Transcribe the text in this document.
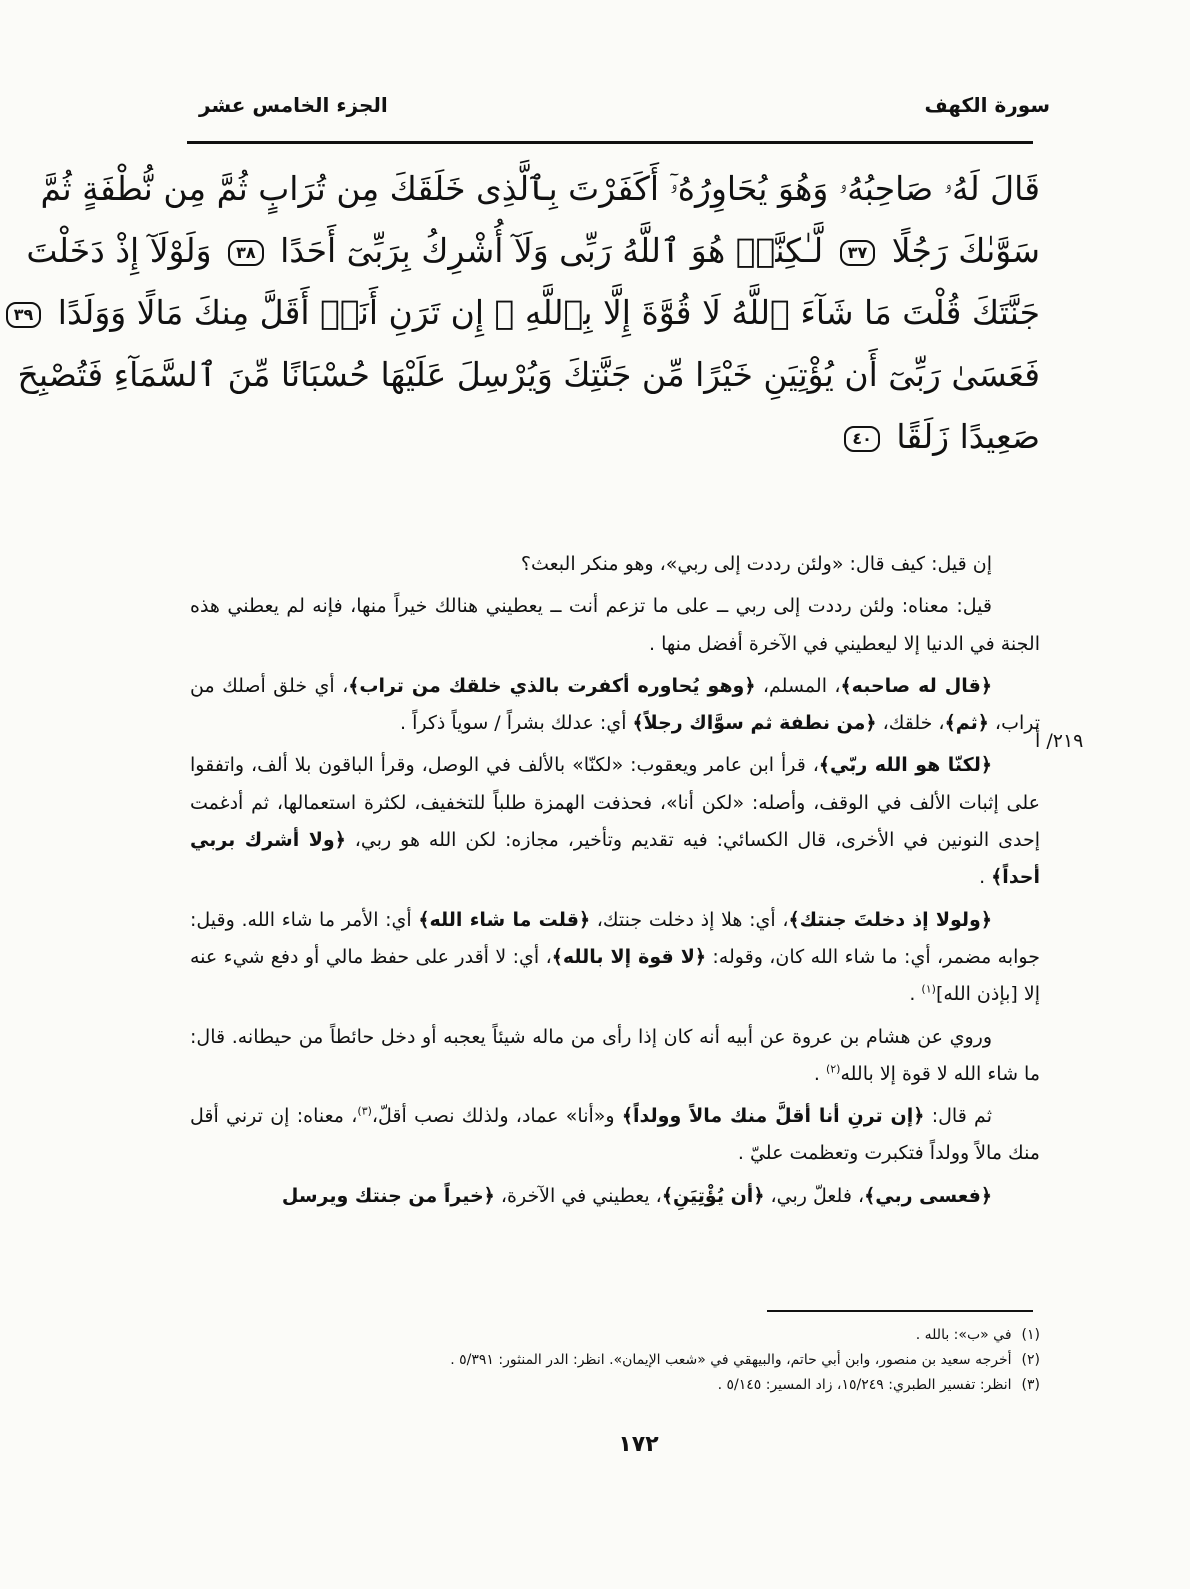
سورة الكهف
الجزء الخامس عشر
قَالَ لَهُۥ صَاحِبُهُۥ وَهُوَ يُحَاوِرُهُۥٓ أَكَفَرْتَ بِٱلَّذِى خَلَقَكَ مِن تُرَابٍ ثُمَّ مِن نُّطْفَةٍ ثُمَّ
سَوَّىٰكَ رَجُلًا ٣٧ لَّـٰكِنَّا۠ هُوَ ٱللَّهُ رَبِّى وَلَآ أُشْرِكُ بِرَبِّىٓ أَحَدًا ٣٨ وَلَوْلَآ إِذْ دَخَلْتَ
جَنَّتَكَ قُلْتَ مَا شَآءَ ٱللَّهُ لَا قُوَّةَ إِلَّا بِٱللَّهِ ۚ إِن تَرَنِ أَنَا۠ أَقَلَّ مِنكَ مَالًا وَوَلَدًا ٣٩
فَعَسَىٰ رَبِّىٓ أَن يُؤْتِيَنِ خَيْرًا مِّن جَنَّتِكَ وَيُرْسِلَ عَلَيْهَا حُسْبَانًا مِّنَ ٱلسَّمَآءِ فَتُصْبِحَ
صَعِيدًا زَلَقًا ٤٠

إن قيل: كيف قال: «ولئن رددت إلى ربي»، وهو منكر البعث؟

قيل: معناه: ولئن رددت إلى ربي ــ على ما تزعم أنت ــ يعطيني هنالك خيراً منها، فإنه لم يعطني هذه الجنة في الدنيا إلا ليعطيني في الآخرة أفضل منها .

﴿قال له صاحبه﴾، المسلم، ﴿وهو يُحاوره أكفرت بالذي خلقك من تراب﴾، أي خلق أصلك من تراب، ﴿ثم﴾، خلقك، ﴿من نطفة ثم سوَّاك رجلاً﴾ أي: عدلك بشراً / سوياً ذكراً .

﴿لكنّا هو الله ربّي﴾، قرأ ابن عامر ويعقوب: «لكنّا» بالألف في الوصل، وقرأ الباقون بلا ألف، واتفقوا على إثبات الألف في الوقف، وأصله: «لكن أنا»، فحذفت الهمزة طلباً للتخفيف، لكثرة استعمالها، ثم أدغمت إحدى النونين في الأخرى، قال الكسائي: فيه تقديم وتأخير، مجازه: لكن الله هو ربي، ﴿ولا أشرك بربي أحداً﴾ .

﴿ولولا إذ دخلتَ جنتك﴾، أي: هلا إذ دخلت جنتك، ﴿قلت ما شاء الله﴾ أي: الأمر ما شاء الله. وقيل: جوابه مضمر، أي: ما شاء الله كان، وقوله: ﴿لا قوة إلا بالله﴾، أي: لا أقدر على حفظ مالي أو دفع شيء عنه إلا [بإذن الله]$^{(١)}$ .

وروي عن هشام بن عروة عن أبيه أنه كان إذا رأى من ماله شيئاً يعجبه أو دخل حائطاً من حيطانه. قال: ما شاء الله لا قوة إلا بالله$^{(٢)}$ .

ثم قال: ﴿إن ترنِ أنا أقلَّ منك مالاً وولداً﴾ و«أنا» عماد، ولذلك نصب أقلّ،$^{(٣)}$، معناه: إن ترني أقل منك مالاً وولداً فتكبرت وتعظمت عليّ .

﴿فعسى ربي﴾، فلعلّ ربي، ﴿أن يُؤْتِيَنِ﴾، يعطيني في الآخرة، ﴿خيراً من جنتك ويرسل

٢١٩/ أ
(١)
في «ب»: بالله .
(٢)
أخرجه سعيد بن منصور، وابن أبي حاتم، والبيهقي في «شعب الإيمان». انظر: الدر المنثور: ٥/٣٩١ .
(٣)
انظر: تفسير الطبري: ١٥/٢٤٩، زاد المسير: ٥/١٤٥ .
١٧٢
